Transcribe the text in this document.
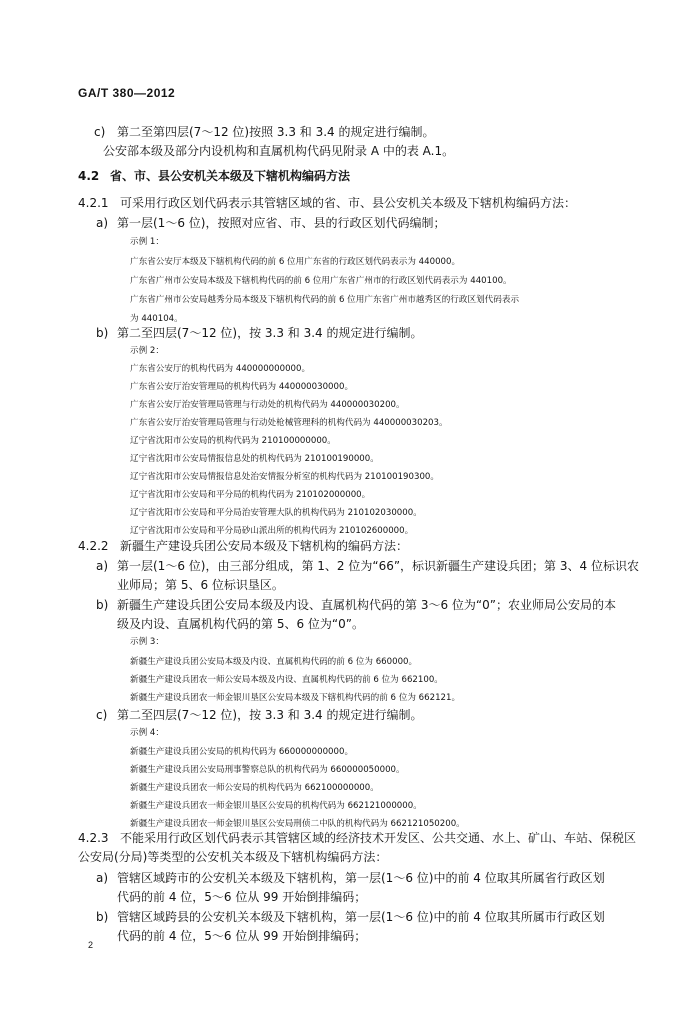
GA/T 380—2012
c) 第二至第四层(7～12 位)按照 3.3 和 3.4 的规定进行编制。
公安部本级及部分内设机构和直属机构代码见附录 A 中的表 A.1。
4.2 省、市、县公安机关本级及下辖机构编码方法
4.2.1 可采用行政区划代码表示其管辖区域的省、市、县公安机关本级及下辖机构编码方法：
a) 第一层(1～6 位)，按照对应省、市、县的行政区划代码编制；
示例 1：
广东省公安厅本级及下辖机构代码的前 6 位用广东省的行政区划代码表示为 440000。
广东省广州市公安局本级及下辖机构代码的前 6 位用广东省广州市的行政区划代码表示为 440100。
广东省广州市公安局越秀分局本级及下辖机构代码的前 6 位用广东省广州市越秀区的行政区划代码表示
为 440104。
b) 第二至四层(7～12 位)，按 3.3 和 3.4 的规定进行编制。
示例 2：
广东省公安厅的机构代码为 440000000000。
广东省公安厅治安管理局的机构代码为 440000030000。
广东省公安厅治安管理局管理与行动处的机构代码为 440000030200。
广东省公安厅治安管理局管理与行动处枪械管理科的机构代码为 440000030203。
辽宁省沈阳市公安局的机构代码为 210100000000。
辽宁省沈阳市公安局情报信息处的机构代码为 210100190000。
辽宁省沈阳市公安局情报信息处治安情报分析室的机构代码为 210100190300。
辽宁省沈阳市公安局和平分局的机构代码为 210102000000。
辽宁省沈阳市公安局和平分局治安管理大队的机构代码为 210102030000。
辽宁省沈阳市公安局和平分局砂山派出所的机构代码为 210102600000。
4.2.2 新疆生产建设兵团公安局本级及下辖机构的编码方法：
a) 第一层(1～6 位)，由三部分组成，第 1、2 位为“66”，标识新疆生产建设兵团；第 3、4 位标识农
业师局；第 5、6 位标识垦区。
b) 新疆生产建设兵团公安局本级及内设、直属机构代码的第 3～6 位为“0”；农业师局公安局的本
级及内设、直属机构代码的第 5、6 位为“0”。
示例 3：
新疆生产建设兵团公安局本级及内设、直属机构代码的前 6 位为 660000。
新疆生产建设兵团农一师公安局本级及内设、直属机构代码的前 6 位为 662100。
新疆生产建设兵团农一师金银川垦区公安局本级及下辖机构代码的前 6 位为 662121。
c) 第二至四层(7～12 位)，按 3.3 和 3.4 的规定进行编制。
示例 4：
新疆生产建设兵团公安局的机构代码为 660000000000。
新疆生产建设兵团公安局刑事警察总队的机构代码为 660000050000。
新疆生产建设兵团农一师公安局的机构代码为 662100000000。
新疆生产建设兵团农一师金银川垦区公安局的机构代码为 662121000000。
新疆生产建设兵团农一师金银川垦区公安局刑侦二中队的机构代码为 662121050200。
4.2.3 不能采用行政区划代码表示其管辖区域的经济技术开发区、公共交通、水上、矿山、车站、保税区
公安局(分局)等类型的公安机关本级及下辖机构编码方法：
a) 管辖区域跨市的公安机关本级及下辖机构，第一层(1～6 位)中的前 4 位取其所属省行政区划
代码的前 4 位，5～6 位从 99 开始倒排编码；
b) 管辖区域跨县的公安机关本级及下辖机构，第一层(1～6 位)中的前 4 位取其所属市行政区划
代码的前 4 位，5～6 位从 99 开始倒排编码；
2
